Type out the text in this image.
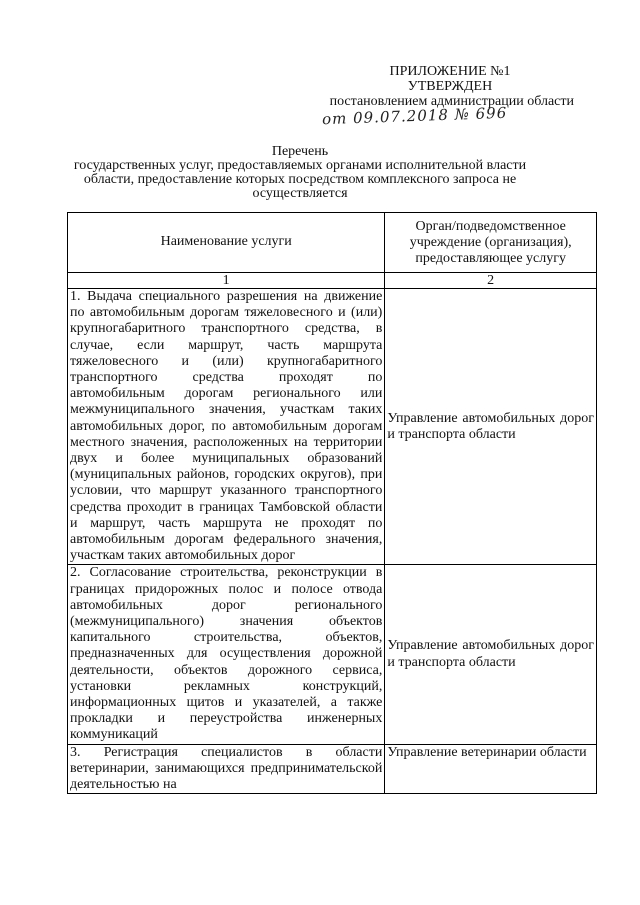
ПРИЛОЖЕНИЕ №1
УТВЕРЖДЕН
постановлением администрации области
от 09.07.2018 № 696
Перечень
государственных услуг, предоставляемых органами исполнительной власти
области, предоставление которых посредством комплексного запроса не
осуществляется
Наименование услуги	Орган/подведомственное учреждение (организация), предоставляющее услугу
1	2

1. Выдача специального разрешения на движение по автомобильным дорогам тяжеловесного и (или) крупногабаритного транспортного средства, в случае, если маршрут, часть маршрута тяжеловесного и (или) крупногабаритного транспортного средства проходят по автомобильным дорогам регионального или межмуниципального значения, участкам таких автомобильных дорог, по автомобильным дорогам местного значения, расположенных на территории двух и более муниципальных образований (муниципальных районов, городских округов), при условии, что маршрут указанного транспортного средства проходит в границах Тамбовской области и маршрут, часть маршрута не проходят по автомобильным дорогам федерального значения, участкам таких автомобильных дорог	Управление автомобильных дорог и транспорта области

2. Согласование строительства, реконструкции в границах придорожных полос и полосе отвода автомобильных дорог регионального (межмуниципального) значения объектов капитального строительства, объектов, предназначенных для осуществления дорожной деятельности, объектов дорожного сервиса, установки рекламных конструкций, информационных щитов и указателей, а также прокладки и переустройства инженерных коммуникаций	Управление автомобильных дорог и транспорта области

3. Регистрация специалистов в области ветеринарии, занимающихся предпринимательской деятельностью на	Управление ветеринарии области
